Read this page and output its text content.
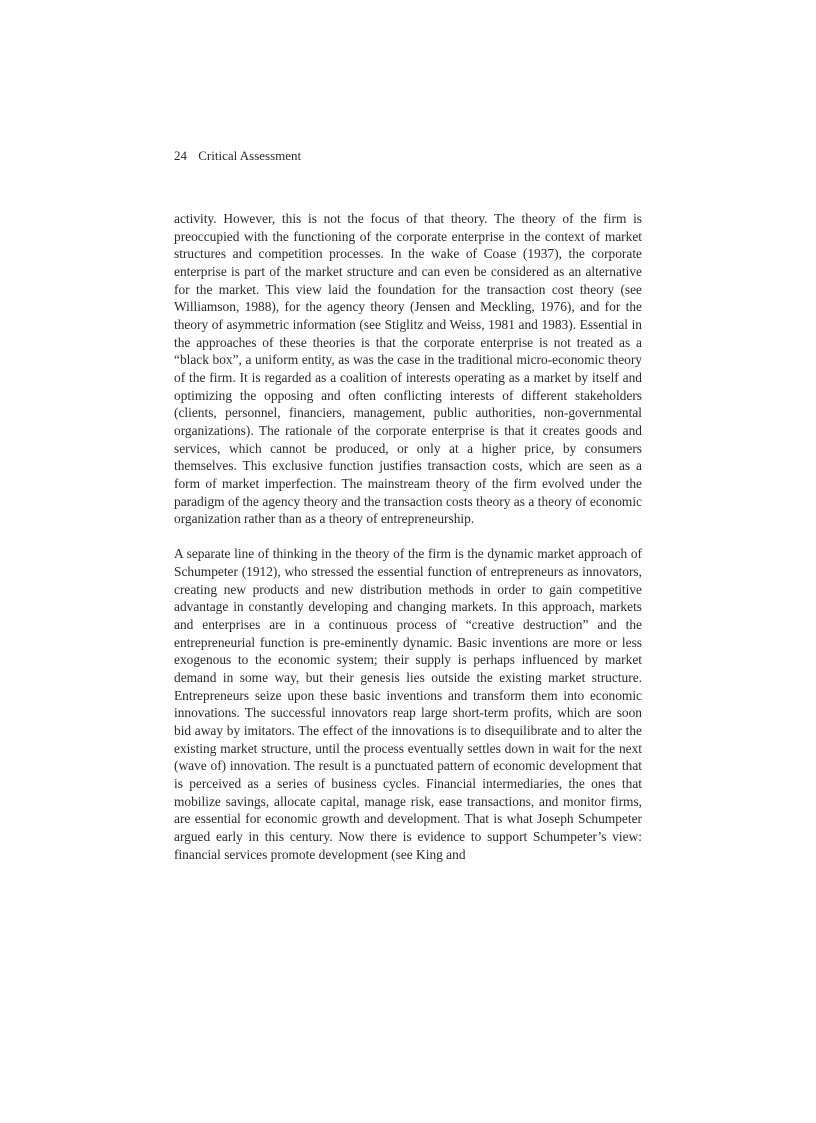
24 Critical Assessment

activity. However, this is not the focus of that theory. The theory of the firm is preoccupied with the functioning of the corporate enterprise in the context of market structures and competition processes. In the wake of Coase (1937), the corporate enterprise is part of the market structure and can even be considered as an alternative for the market. This view laid the foundation for the transaction cost theory (see Williamson, 1988), for the agency theory (Jensen and Meckling, 1976), and for the theory of asymmetric information (see Stiglitz and Weiss, 1981 and 1983). Essential in the approaches of these theories is that the corporate enterprise is not treated as a “black box”, a uniform entity, as was the case in the traditional micro-economic theory of the firm. It is regarded as a coalition of interests operating as a market by itself and optimizing the opposing and often conflicting interests of different stakeholders (clients, personnel, financiers, management, public authorities, non-governmental organizations). The rationale of the corporate enterprise is that it creates goods and services, which cannot be produced, or only at a higher price, by consumers themselves. This exclusive function justifies transaction costs, which are seen as a form of market imperfection. The mainstream theory of the firm evolved under the paradigm of the agency theory and the transaction costs theory as a theory of economic organization rather than as a theory of entrepreneurship.

A separate line of thinking in the theory of the firm is the dynamic market approach of Schumpeter (1912), who stressed the essential function of entrepreneurs as innovators, creating new products and new distribution methods in order to gain competitive advantage in constantly developing and changing markets. In this approach, markets and enterprises are in a continuous process of “creative destruction” and the entrepreneurial function is pre-eminently dynamic. Basic inventions are more or less exogenous to the economic system; their supply is perhaps influenced by market demand in some way, but their genesis lies outside the existing market structure. Entrepreneurs seize upon these basic inventions and transform them into economic innovations. The successful innovators reap large short-term profits, which are soon bid away by imitators. The effect of the innovations is to disequilibrate and to alter the existing market structure, until the process eventually settles down in wait for the next (wave of) innovation. The result is a punctuated pattern of economic development that is perceived as a series of business cycles. Financial intermediaries, the ones that mobilize savings, allocate capital, manage risk, ease transactions, and monitor firms, are essential for economic growth and development. That is what Joseph Schumpeter argued early in this century. Now there is evidence to support Schumpeter’s view: financial services promote development (see King and
